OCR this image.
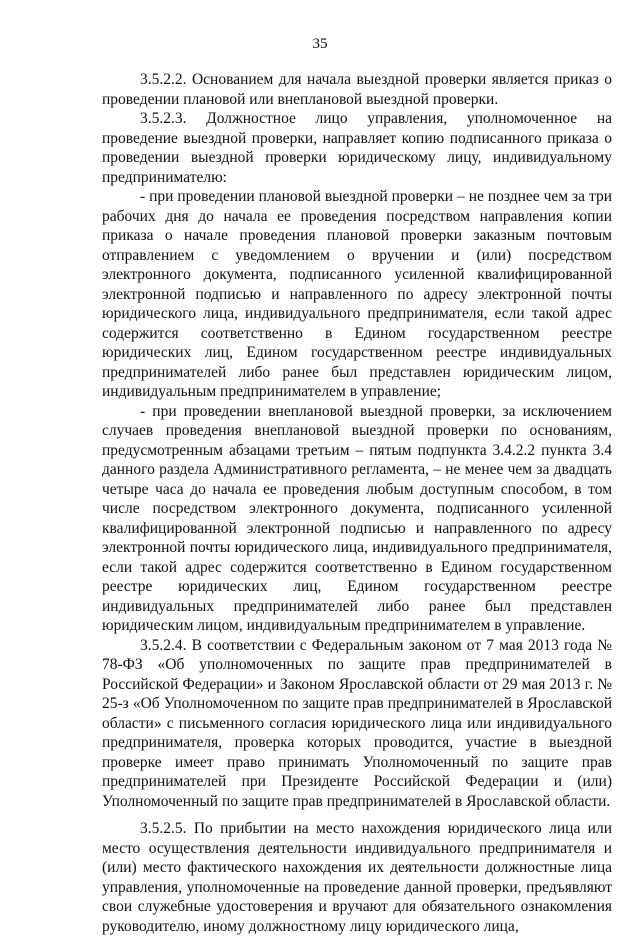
35

3.5.2.2. Основанием для начала выездной проверки является приказ о проведении плановой или внеплановой выездной проверки.

3.5.2.3. Должностное лицо управления, уполномоченное на проведение выездной проверки, направляет копию подписанного приказа о проведении выездной проверки юридическому лицу, индивидуальному предпринимателю:

- при проведении плановой выездной проверки – не позднее чем за три рабочих дня до начала ее проведения посредством направления копии приказа о начале проведения плановой проверки заказным почтовым отправлением с уведомлением о вручении и (или) посредством электронного документа, подписанного усиленной квалифицированной электронной подписью и направленного по адресу электронной почты юридического лица, индивидуального предпринимателя, если такой адрес содержится соответственно в Едином государственном реестре юридических лиц, Едином государственном реестре индивидуальных предпринимателей либо ранее был представлен юридическим лицом, индивидуальным предпринимателем в управление;

- при проведении внеплановой выездной проверки, за исключением случаев проведения внеплановой выездной проверки по основаниям, предусмотренным абзацами третьим – пятым подпункта 3.4.2.2 пункта 3.4 данного раздела Административного регламента, – не менее чем за двадцать четыре часа до начала ее проведения любым доступным способом, в том числе посредством электронного документа, подписанного усиленной квалифицированной электронной подписью и направленного по адресу электронной почты юридического лица, индивидуального предпринимателя, если такой адрес содержится соответственно в Едином государственном реестре юридических лиц, Едином государственном реестре индивидуальных предпринимателей либо ранее был представлен юридическим лицом, индивидуальным предпринимателем в управление.

3.5.2.4. В соответствии с Федеральным законом от 7 мая 2013 года № 78-ФЗ «Об уполномоченных по защите прав предпринимателей в Российской Федерации» и Законом Ярославской области от 29 мая 2013 г. № 25-з «Об Уполномоченном по защите прав предпринимателей в Ярославской области» с письменного согласия юридического лица или индивидуального предпринимателя, проверка которых проводится, участие в выездной проверке имеет право принимать Уполномоченный по защите прав предпринимателей при Президенте Российской Федерации и (или) Уполномоченный по защите прав предпринимателей в Ярославской области.

3.5.2.5. По прибытии на место нахождения юридического лица или место осуществления деятельности индивидуального предпринимателя и (или) место фактического нахождения их деятельности должностные лица управления, уполномоченные на проведение данной проверки, предъявляют свои служебные удостоверения и вручают для обязательного ознакомления руководителю, иному должностному лицу юридического лица,
